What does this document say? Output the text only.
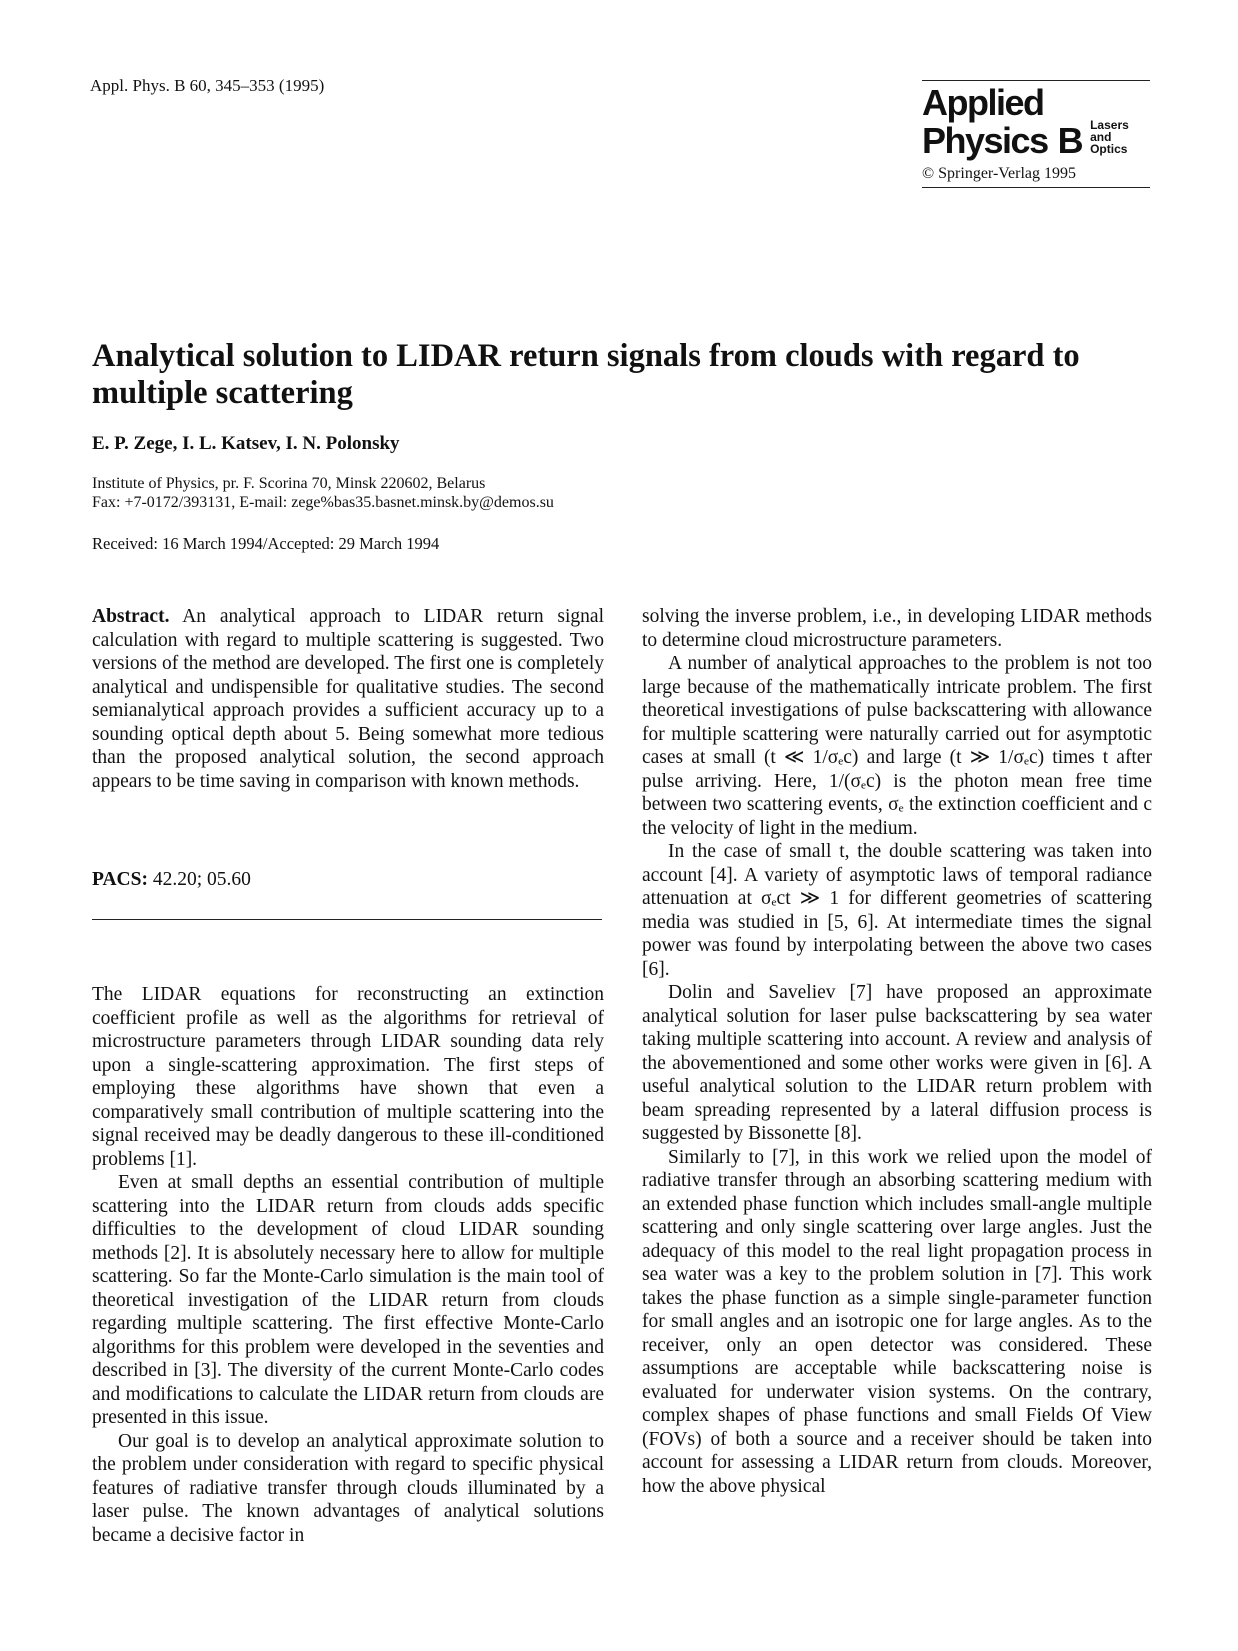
Appl. Phys. B 60, 345–353 (1995)	Applied
Physics B Lasers
and Optics
© Springer-Verlag 1995
Analytical solution to LIDAR return signals from clouds with regard to multiple scattering
E. P. Zege, I. L. Katsev, I. N. Polonsky
Institute of Physics, pr. F. Scorina 70, Minsk 220602, Belarus
Fax: +7-0172/393131, E-mail: zege%bas35.basnet.minsk.by@demos.su
Received: 16 March 1994/Accepted: 29 March 1994

Abstract. An analytical approach to LIDAR return signal calculation with regard to multiple scattering is suggested. Two versions of the method are developed. The first one is completely analytical and undispensible for qualitative studies. The second semianalytical approach provides a sufficient accuracy up to a sounding optical depth about 5. Being somewhat more tedious than the proposed analytical solution, the second approach appears to be time saving in comparison with known methods.

PACS: 42.20; 05.60

The LIDAR equations for reconstructing an extinction coefficient profile as well as the algorithms for retrieval of microstructure parameters through LIDAR sounding data rely upon a single-scattering approximation. The first steps of employing these algorithms have shown that even a comparatively small contribution of multiple scattering into the signal received may be deadly dangerous to these ill-conditioned problems [1].

Even at small depths an essential contribution of multiple scattering into the LIDAR return from clouds adds specific difficulties to the development of cloud LIDAR sounding methods [2]. It is absolutely necessary here to allow for multiple scattering. So far the Monte-Carlo simulation is the main tool of theoretical investigation of the LIDAR return from clouds regarding multiple scattering. The first effective Monte-Carlo algorithms for this problem were developed in the seventies and described in [3]. The diversity of the current Monte-Carlo codes and modifications to calculate the LIDAR return from clouds are presented in this issue.

Our goal is to develop an analytical approximate solution to the problem under consideration with regard to specific physical features of radiative transfer through clouds illuminated by a laser pulse. The known advantages of analytical solutions became a decisive factor in

solving the inverse problem, i.e., in developing LIDAR methods to determine cloud microstructure parameters.

A number of analytical approaches to the problem is not too large because of the mathematically intricate problem. The first theoretical investigations of pulse backscattering with allowance for multiple scattering were naturally carried out for asymptotic cases at small (t ≪ 1/σₑc) and large (t ≫ 1/σₑc) times t after pulse arriving. Here, 1/(σₑc) is the photon mean free time between two scattering events, σₑ the extinction coefficient and c the velocity of light in the medium.

In the case of small t, the double scattering was taken into account [4]. A variety of asymptotic laws of temporal radiance attenuation at σₑct ≫ 1 for different geometries of scattering media was studied in [5, 6]. At intermediate times the signal power was found by interpolating between the above two cases [6].

Dolin and Saveliev [7] have proposed an approximate analytical solution for laser pulse backscattering by sea water taking multiple scattering into account. A review and analysis of the abovementioned and some other works were given in [6]. A useful analytical solution to the LIDAR return problem with beam spreading represented by a lateral diffusion process is suggested by Bissonette [8].

Similarly to [7], in this work we relied upon the model of radiative transfer through an absorbing scattering medium with an extended phase function which includes small-angle multiple scattering and only single scattering over large angles. Just the adequacy of this model to the real light propagation process in sea water was a key to the problem solution in [7]. This work takes the phase function as a simple single-parameter function for small angles and an isotropic one for large angles. As to the receiver, only an open detector was considered. These assumptions are acceptable while backscattering noise is evaluated for underwater vision systems. On the contrary, complex shapes of phase functions and small Fields Of View (FOVs) of both a source and a receiver should be taken into account for assessing a LIDAR return from clouds. Moreover, how the above physical
